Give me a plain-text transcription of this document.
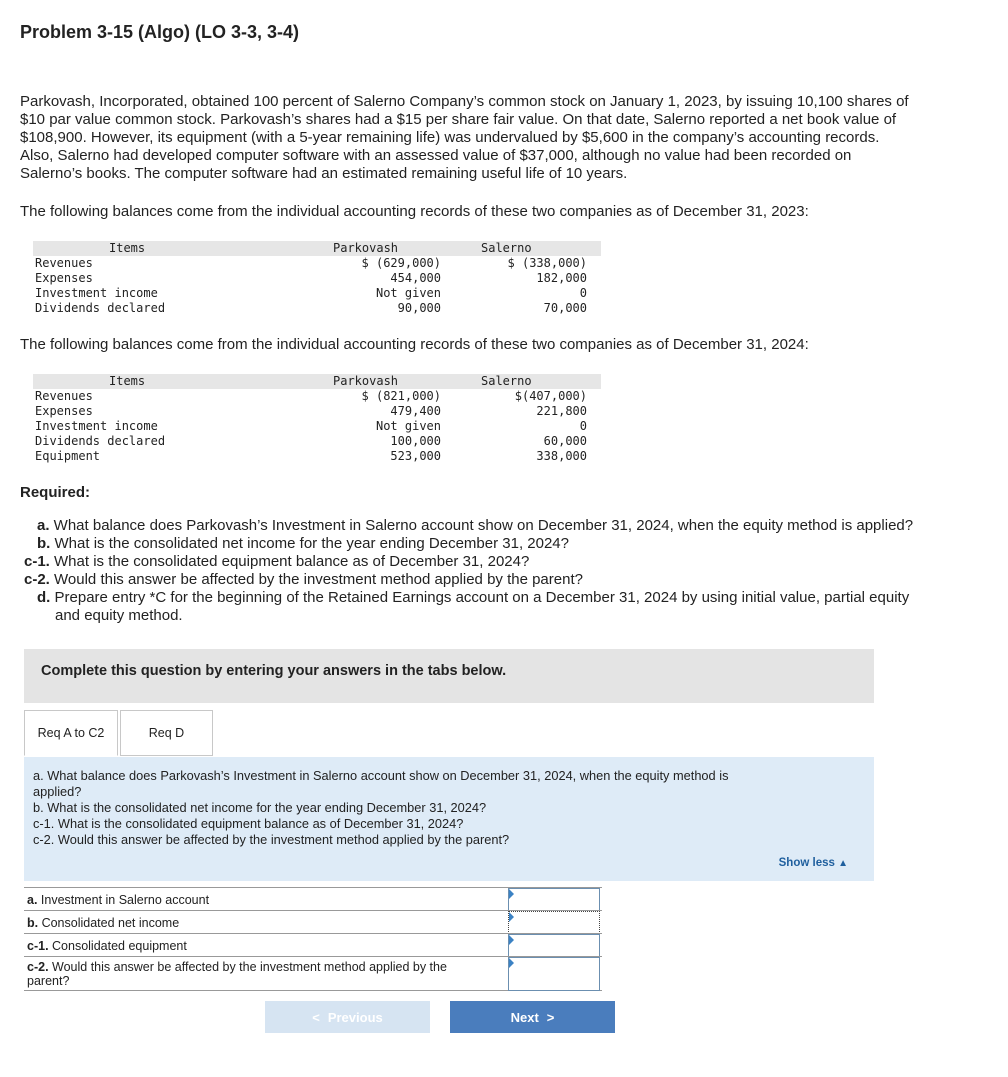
Problem 3-15 (Algo) (LO 3-3, 3-4)

Parkovash, Incorporated, obtained 100 percent of Salerno Company’s common stock on January 1, 2023, by issuing 10,100 shares of

$10 par value common stock. Parkovash’s shares had a $15 per share fair value. On that date, Salerno reported a net book value of

$108,900. However, its equipment (with a 5-year remaining life) was undervalued by $5,600 in the company’s accounting records.

Also, Salerno had developed computer software with an assessed value of $37,000, although no value had been recorded on

Salerno’s books. The computer software had an estimated remaining useful life of 10 years.

The following balances come from the individual accounting records of these two companies as of December 31, 2023:
Items	Parkovash	Salerno
Revenues	$ (629,000)	$ (338,000)
Expenses	454,000	182,000
Investment income	Not given	0
Dividends declared	90,000	70,000
The following balances come from the individual accounting records of these two companies as of December 31, 2024:
Items	Parkovash	Salerno
Revenues	$ (821,000)	$(407,000)
Expenses	479,400	221,800
Investment income	Not given	0
Dividends declared	100,000	60,000
Equipment	523,000	338,000
Required:
a. What balance does Parkovash’s Investment in Salerno account show on December 31, 2024, when the equity method is applied?
b. What is the consolidated net income for the year ending December 31, 2024?
c-1. What is the consolidated equipment balance as of December 31, 2024?
c-2. Would this answer be affected by the investment method applied by the parent?
d. Prepare entry *C for the beginning of the Retained Earnings account on a December 31, 2024 by using initial value, partial equity
and equity method.
Complete this question by entering your answers in the tabs below.
Req A to C2	Req D
a. What balance does Parkovash’s Investment in Salerno account show on December 31, 2024, when the equity method is
applied?
b. What is the consolidated net income for the year ending December 31, 2024?
c-1. What is the consolidated equipment balance as of December 31, 2024?
c-2. Would this answer be affected by the investment method applied by the parent?
Show less ▲
a. Investment in Salerno account
b. Consolidated net income
c-1. Consolidated equipment
c-2. Would this answer be affected by the investment method applied by the
parent?
< Previous	Next >
